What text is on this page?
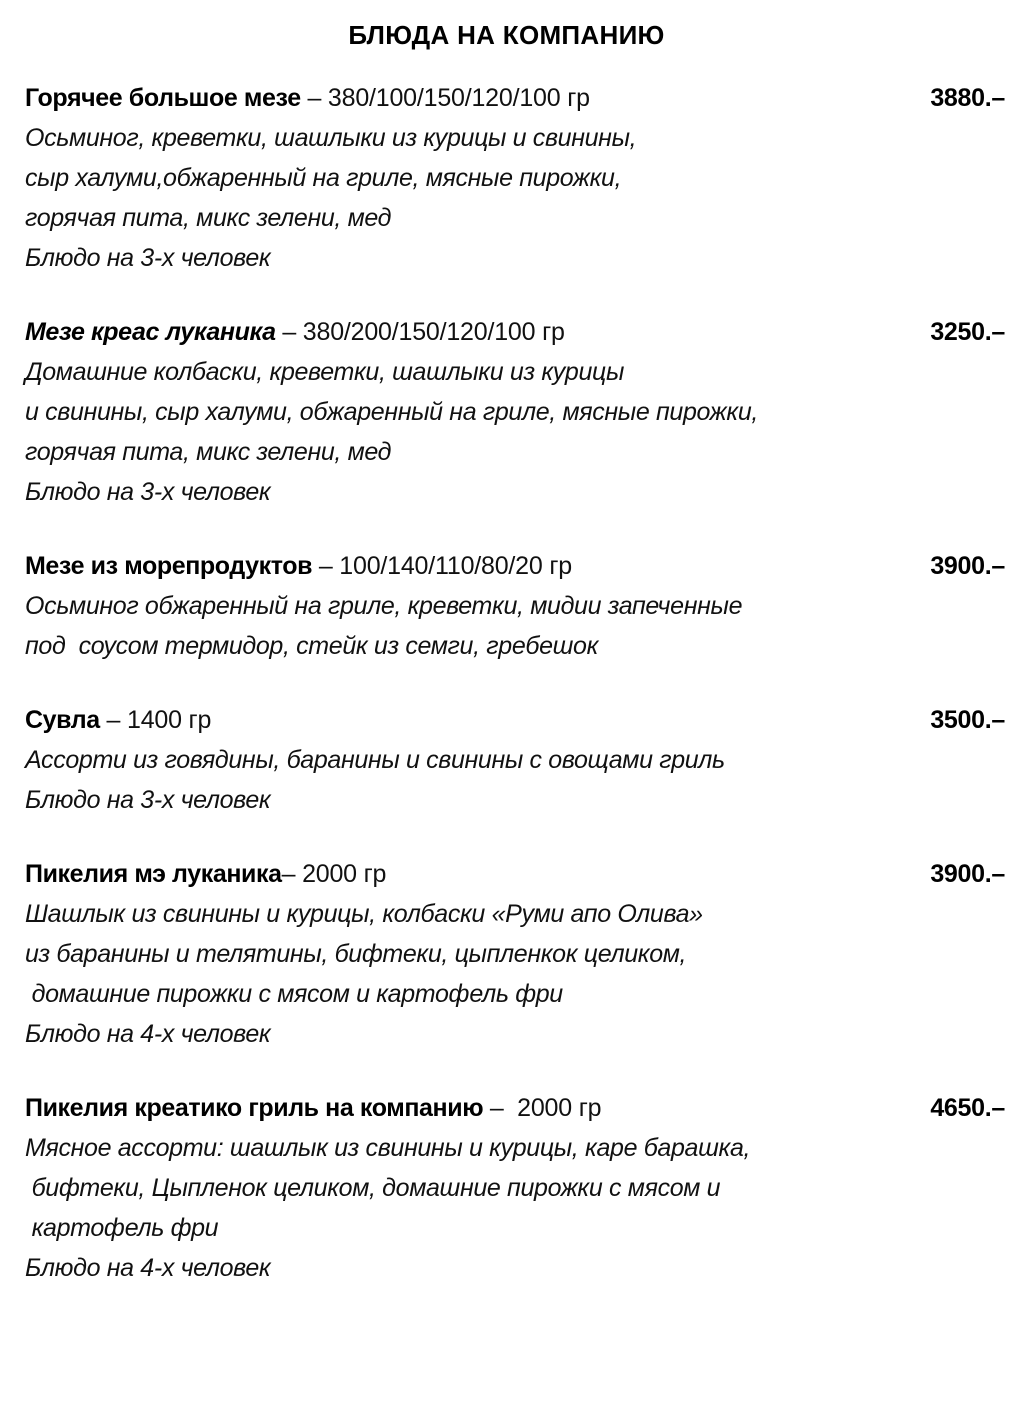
БЛЮДА НА КОМПАНИЮ
Горячее большое мезе – 380/100/150/120/100 гр	3880.–
Осьминог, креветки, шашлыки из курицы и свинины,
сыр халуми,обжаренный на гриле, мясные пирожки,
горячая пита, микс зелени, мед
Блюдо на 3-х человек
Мезе креас луканика – 380/200/150/120/100 гр	3250.–
Домашние колбаски, креветки, шашлыки из курицы
и свинины, сыр халуми, обжаренный на гриле, мясные пирожки,
горячая пита, микс зелени, мед
Блюдо на 3-х человек
Мезе из морепродуктов – 100/140/110/80/20 гр	3900.–
Осьминог обжаренный на гриле, креветки, мидии запеченные
под  соусом термидор, стейк из семги, гребешок
Сувла – 1400 гр	3500.–
Ассорти из говядины, баранины и свинины с овощами гриль
Блюдо на 3-х человек
Пикелия мэ луканика– 2000 гр	3900.–
Шашлык из свинины и курицы, колбаски «Руми апо Олива»
из баранины и телятины, бифтеки, цыпленкок целиком,
домашние пирожки с мясом и картофель фри
Блюдо на 4-х человек
Пикелия креатико гриль на компанию –  2000 гр	4650.–
Мясное ассорти: шашлык из свинины и курицы, каре барашка,
бифтеки, Цыпленок целиком, домашние пирожки с мясом и
картофель фри
Блюдо на 4-х человек
